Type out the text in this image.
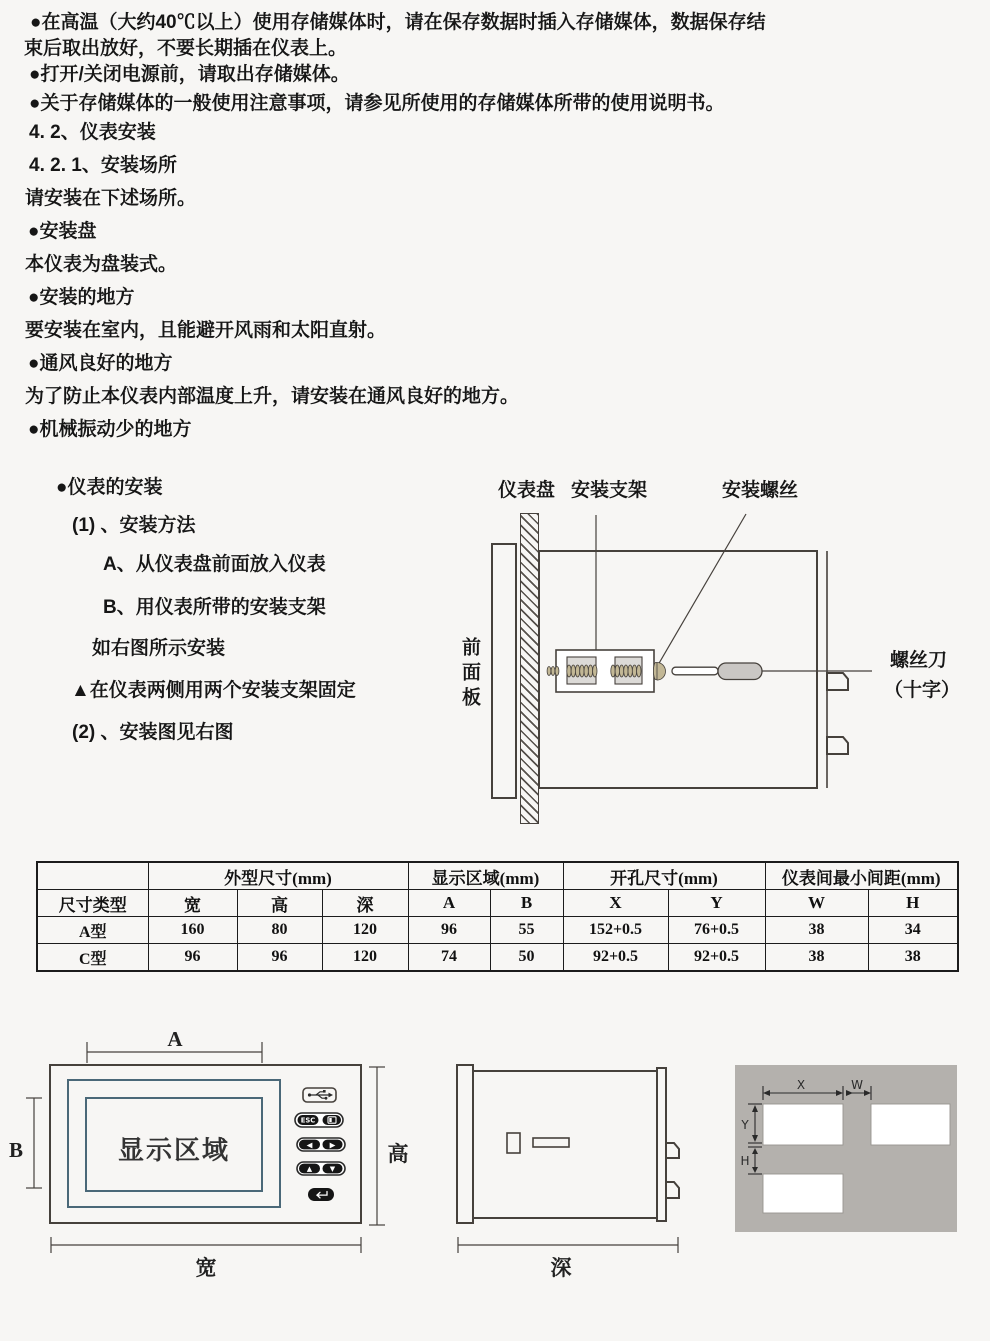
●在高温（大约40℃以上）使用存储媒体时，请在保存数据时插入存储媒体，数据保存结
束后取出放好，不要长期插在仪表上。
●打开/关闭电源前，请取出存储媒体。
●关于存储媒体的一般使用注意事项，请参见所使用的存储媒体所带的使用说明书。
4. 2、仪表安装
4. 2. 1、安装场所
请安装在下述场所。
●安装盘
本仪表为盘装式。
●安装的地方
要安装在室内，且能避开风雨和太阳直射。
●通风良好的地方
为了防止本仪表内部温度上升，请安装在通风良好的地方。
●机械振动少的地方
●仪表的安装
(1) 、安装方法
A、从仪表盘前面放入仪表
B、用仪表所带的安装支架
如右图所示安装
▲在仪表两侧用两个安装支架固定
(2) 、安装图见右图
仪表盘 安装支架	安装螺丝
螺丝刀
（十字）
前面板
	外型尺寸(mm)			显示区域(mm)		开孔尺寸(mm)		仪表间最小间距(mm)	
尺寸类型	宽	高	深	A	B	X	Y	W	H
A型	160	80	120	96	55	152+0.5	76+0.5	38	34
C型	96	96	120	74	50	92+0.5	92+0.5	38	38
显示区域
A
B	高
宽
ESC
◀ ▶
▲	▼
深
X	W
Y
H
